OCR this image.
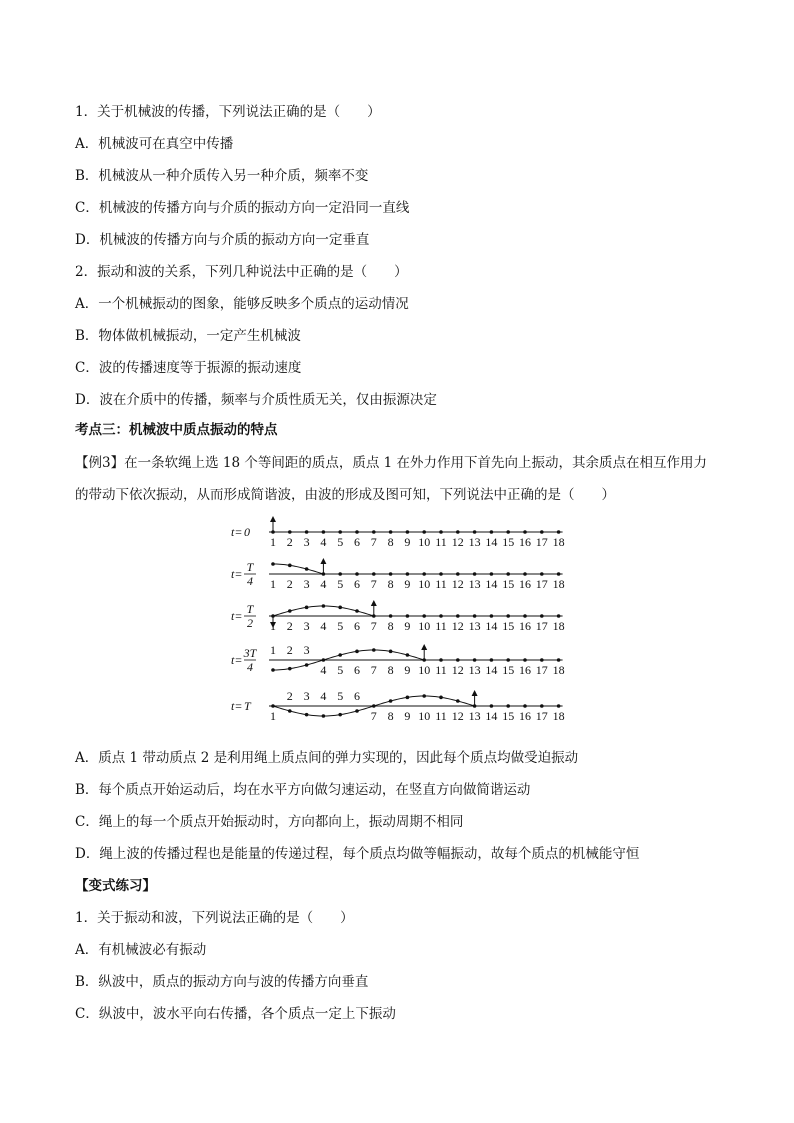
1．关于机械波的传播，下列说法正确的是（　　）
A．机械波可在真空中传播
B．机械波从一种介质传入另一种介质，频率不变
C．机械波的传播方向与介质的振动方向一定沿同一直线
D．机械波的传播方向与介质的振动方向一定垂直
2．振动和波的关系，下列几种说法中正确的是（　　）
A．一个机械振动的图象，能够反映多个质点的运动情况
B．物体做机械振动，一定产生机械波
C．波的传播速度等于振源的振动速度
D．波在介质中的传播，频率与介质性质无关，仅由振源决定
考点三：机械波中质点振动的特点
【例3】在一条软绳上选 18 个等间距的质点，质点 1 在外力作用下首先向上振动，其余质点在相互作用力
的带动下依次振动，从而形成简谐波，由波的形成及图可知，下列说法中正确的是（　　）
A．质点 1 带动质点 2 是利用绳上质点间的弹力实现的，因此每个质点均做受迫振动
B．每个质点开始运动后，均在水平方向做匀速运动，在竖直方向做简谐运动
C．绳上的每一个质点开始振动时，方向都向上，振动周期不相同
D．绳上波的传播过程也是能量的传递过程，每个质点均做等幅振动，故每个质点的机械能守恒
【变式练习】
1．关于振动和波，下列说法正确的是（　　）
A．有机械波必有振动
B．纵波中，质点的振动方向与波的传播方向垂直
C．纵波中，波水平向右传播，各个质点一定上下振动
1 2 3 4 5 6 7 8 9 10 11 12 13 14 15 16 17 18
t= 0
1 2 3 4 5 6 7 8 9 10 11 12 13 14 15 16 17 18
t= T
4
1 2 3 4 5 6 7 8 9 10 11 12 13 14 15 16 17 18
t= T
2
1 2 3
4 5 6 7 8 9 10 11 12 13 14 15 16 17 18
t= 3T
4
1
2 3 4 5 6
7 8 9 10 11 12 13 14 15 16 17 18
t= T
